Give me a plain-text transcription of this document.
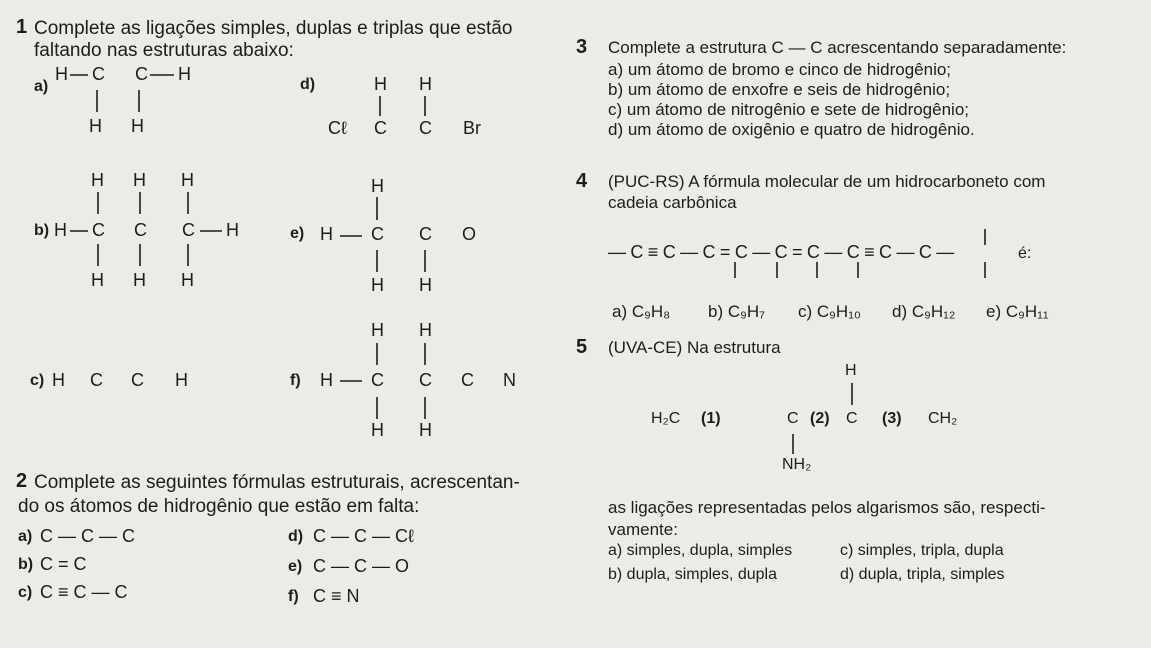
1 Complete as ligações simples, duplas e triplas que estão
faltando nas estruturas abaixo:
a)
H C C H
H H
b)
H H H
H C C C H
H H H
c) H C C H
d)	H H
Cℓ C C Br
e)
H
H C C O
H H
f)
H H
H C C C N
H H
2 Complete as seguintes fórmulas estruturais, acrescentan-
do os átomos de hidrogênio que estão em falta:
a) C — C — C
b) C = C
c) C ≡ C — C
d) C — C — Cℓ
e) C — C — O
f) C ≡ N
3 Complete a estrutura C — C acrescentando separadamente:
a) um átomo de bromo e cinco de hidrogênio;
b) um átomo de enxofre e seis de hidrogênio;
c) um átomo de nitrogênio e sete de hidrogênio;
d) um átomo de oxigênio e quatro de hidrogênio.
4 (PUC-RS) A fórmula molecular de um hidrocarboneto com
cadeia carbônica
— C ≡ C — C = C — C = C — C ≡ C — C —	é:
a) C₉H₈ b) C₉H₇ c) C₉H₁₀ d) C₉H₁₂ e) C₉H₁₁
5 (UVA-CE) Na estrutura
H
H₂C (1)	C (2) C (3) CH₂
NH₂
as ligações representadas pelos algarismos são, respecti-
vamente:
a) simples, dupla, simples	c) simples, tripla, dupla
b) dupla, simples, dupla	d) dupla, tripla, simples
